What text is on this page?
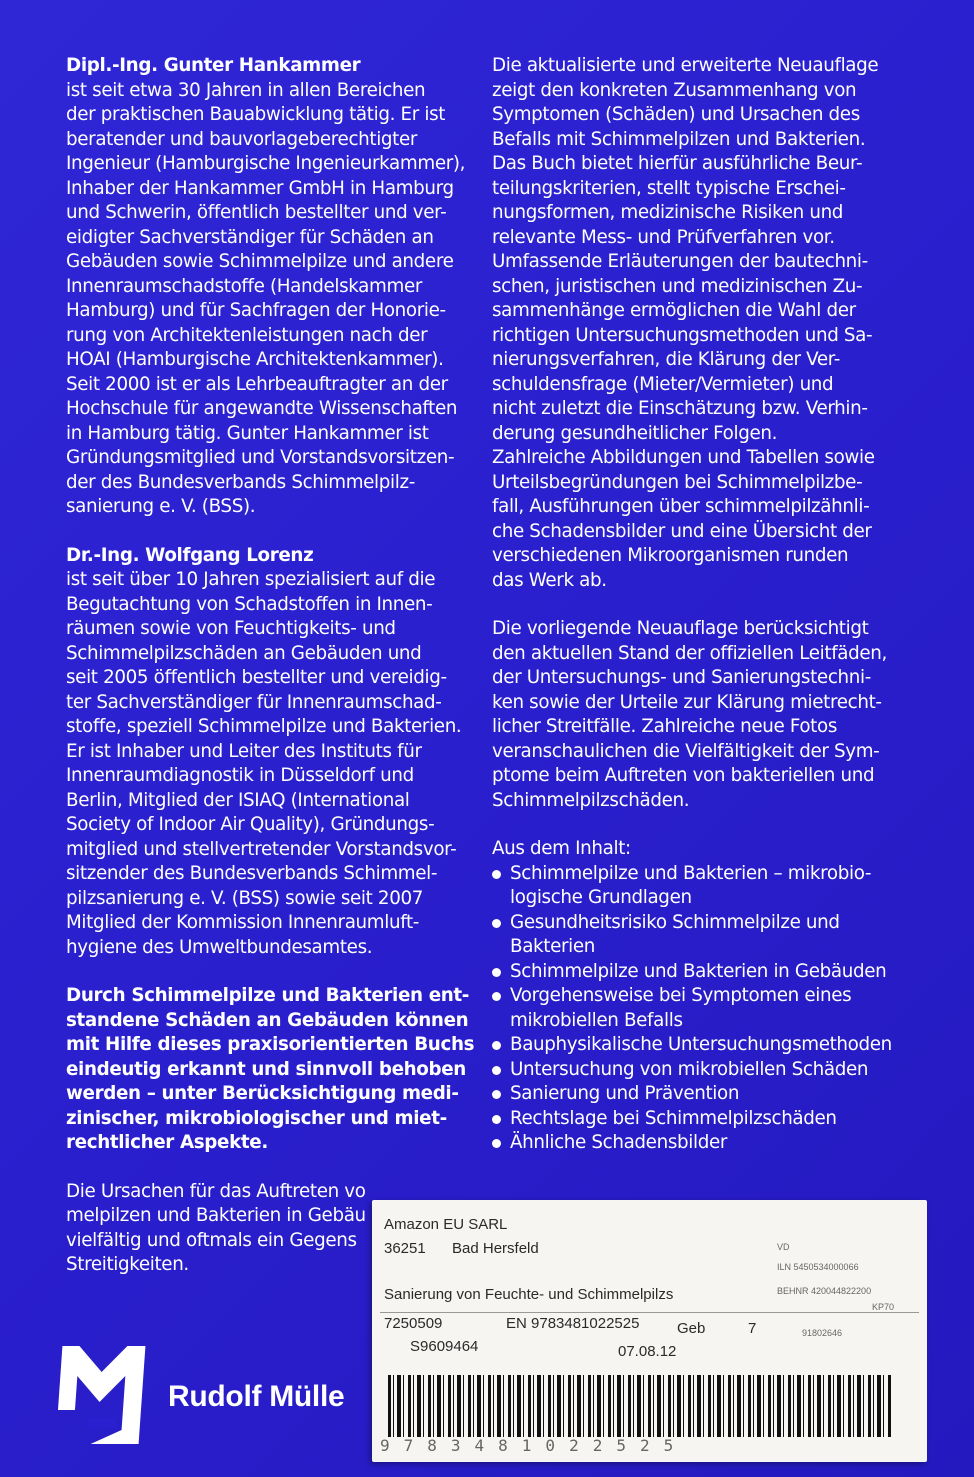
Dipl.-Ing. Gunter Hankammer
ist seit etwa 30 Jahren in allen Bereichen
der praktischen Bauabwicklung tätig. Er ist
beratender und bauvorlageberechtigter
Ingenieur (Hamburgische Ingenieurkammer),
Inhaber der Hankammer GmbH in Hamburg
und Schwerin, öffentlich bestellter und ver-
eidigter Sachverständiger für Schäden an
Gebäuden sowie Schimmelpilze und andere
Innenraumschadstoffe (Handelskammer
Hamburg) und für Sachfragen der Honorie-
rung von Architektenleistungen nach der
HOAI (Hamburgische Architektenkammer).
Seit 2000 ist er als Lehrbeauftragter an der
Hochschule für angewandte Wissenschaften
in Hamburg tätig. Gunter Hankammer ist
Gründungsmitglied und Vorstandsvorsitzen-
der des Bundesverbands Schimmelpilz-
sanierung e. V. (BSS).
Dr.-Ing. Wolfgang Lorenz
ist seit über 10 Jahren spezialisiert auf die
Begutachtung von Schadstoffen in Innen-
räumen sowie von Feuchtigkeits- und
Schimmelpilzschäden an Gebäuden und
seit 2005 öffentlich bestellter und vereidig-
ter Sachverständiger für Innenraumschad-
stoffe, speziell Schimmelpilze und Bakterien.
Er ist Inhaber und Leiter des Instituts für
Innenraumdiagnostik in Düsseldorf und
Berlin, Mitglied der ISIAQ (International
Society of Indoor Air Quality), Gründungs-
mitglied und stellvertretender Vorstandsvor-
sitzender des Bundesverbands Schimmel-
pilzsanierung e. V. (BSS) sowie seit 2007
Mitglied der Kommission Innenraumluft-
hygiene des Umweltbundesamtes.
Durch Schimmelpilze und Bakterien ent-
standene Schäden an Gebäuden können
mit Hilfe dieses praxisorientierten Buchs
eindeutig erkannt und sinnvoll behoben
werden – unter Berücksichtigung medi-
zinischer, mikrobiologischer und miet-
rechtlicher Aspekte.
Die Ursachen für das Auftreten vo
melpilzen und Bakterien in Gebäu
vielfältig und oftmals ein Gegens
Streitigkeiten.
Die aktualisierte und erweiterte Neuauflage
zeigt den konkreten Zusammenhang von
Symptomen (Schäden) und Ursachen des
Befalls mit Schimmelpilzen und Bakterien.
Das Buch bietet hierfür ausführliche Beur-
teilungskriterien, stellt typische Erschei-
nungsformen, medizinische Risiken und
relevante Mess- und Prüfverfahren vor.
Umfassende Erläuterungen der bautechni-
schen, juristischen und medizinischen Zu-
sammenhänge ermöglichen die Wahl der
richtigen Untersuchungsmethoden und Sa-
nierungsverfahren, die Klärung der Ver-
schuldensfrage (Mieter/Vermieter) und
nicht zuletzt die Einschätzung bzw. Verhin-
derung gesundheitlicher Folgen.
Zahlreiche Abbildungen und Tabellen sowie
Urteilsbegründungen bei Schimmelpilzbe-
fall, Ausführungen über schimmelpilzähnli-
che Schadensbilder und eine Übersicht der
verschiedenen Mikroorganismen runden
das Werk ab.
Die vorliegende Neuauflage berücksichtigt
den aktuellen Stand der offiziellen Leitfäden,
der Untersuchungs- und Sanierungstechni-
ken sowie der Urteile zur Klärung mietrecht-
licher Streitfälle. Zahlreiche neue Fotos
veranschaulichen die Vielfältigkeit der Sym-
ptome beim Auftreten von bakteriellen und
Schimmelpilzschäden.
Aus dem Inhalt:
Schimmelpilze und Bakterien – mikrobio-
logische Grundlagen
Gesundheitsrisiko Schimmelpilze und
Bakterien
Schimmelpilze und Bakterien in Gebäuden
Vorgehensweise bei Symptomen eines
mikrobiellen Befalls
Bauphysikalische Untersuchungsmethoden
Untersuchung von mikrobiellen Schäden
Sanierung und Prävention
Rechtslage bei Schimmelpilzschäden
Ähnliche Schadensbilder
Rudolf Mülle
Amazon EU SARL
36251 Bad Hersfeld	VD
ILN 5450534000066
BEHNR 420044822200
Sanierung von Feuchte- und Schimmelpilzs
KP70
7250509	EN 9783481022525	Geb	7	91802646
S9609464	07.08.12
9783481022525
